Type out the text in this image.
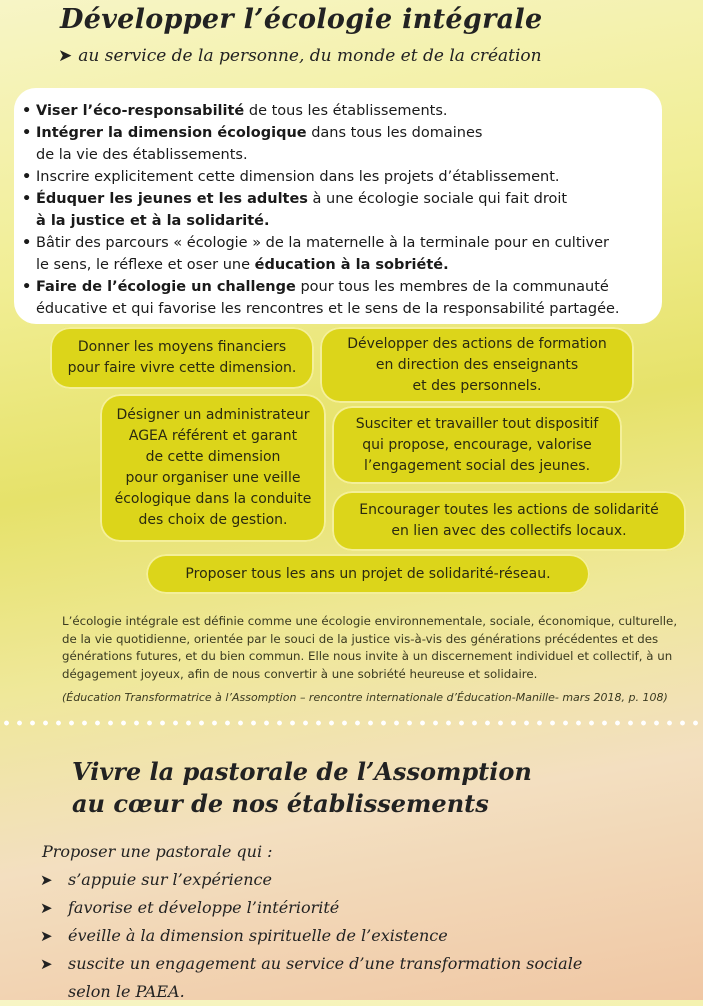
Développer l’écologie intégrale
➤ au service de la personne, du monde et de la création
• Viser l’éco-responsabilité de tous les établissements.
• Intégrer la dimension écologique dans tous les domaines
de la vie des établissements.
• Inscrire explicitement cette dimension dans les projets d’établissement.
• Éduquer les jeunes et les adultes à une écologie sociale qui fait droit
à la justice et à la solidarité.
• Bâtir des parcours « écologie » de la maternelle à la terminale pour en cultiver
le sens, le réflexe et oser une éducation à la sobriété.
• Faire de l’écologie un challenge pour tous les membres de la communauté
éducative et qui favorise les rencontres et le sens de la responsabilité partagée.
Donner les moyens financiers
pour faire vivre cette dimension.
Développer des actions de formation
en direction des enseignants
et des personnels.
Désigner un administrateur
AGEA référent et garant
de cette dimension
pour organiser une veille
écologique dans la conduite
des choix de gestion.
Susciter et travailler tout dispositif
qui propose, encourage, valorise
l’engagement social des jeunes.
Encourager toutes les actions de solidarité
en lien avec des collectifs locaux.
Proposer tous les ans un projet de solidarité-réseau.
L’écologie intégrale est définie comme une écologie environnementale, sociale, économique, culturelle, de la vie quotidienne, orientée par le souci de la justice vis-à-vis des générations précédentes et des générations futures, et du bien commun. Elle nous invite à un discernement individuel et collectif, à un dégagement joyeux, afin de nous convertir à une sobriété heureuse et solidaire.
(Éducation Transformatrice à l’Assomption – rencontre internationale d’Éducation-Manille- mars 2018, p. 108)
Vivre la pastorale de l’Assomption
au cœur de nos établissements
Proposer une pastorale qui :
➤ s’appuie sur l’expérience
➤ favorise et développe l’intériorité
➤ éveille à la dimension spirituelle de l’existence
➤ suscite un engagement au service d’une transformation sociale
selon le PAEA.
